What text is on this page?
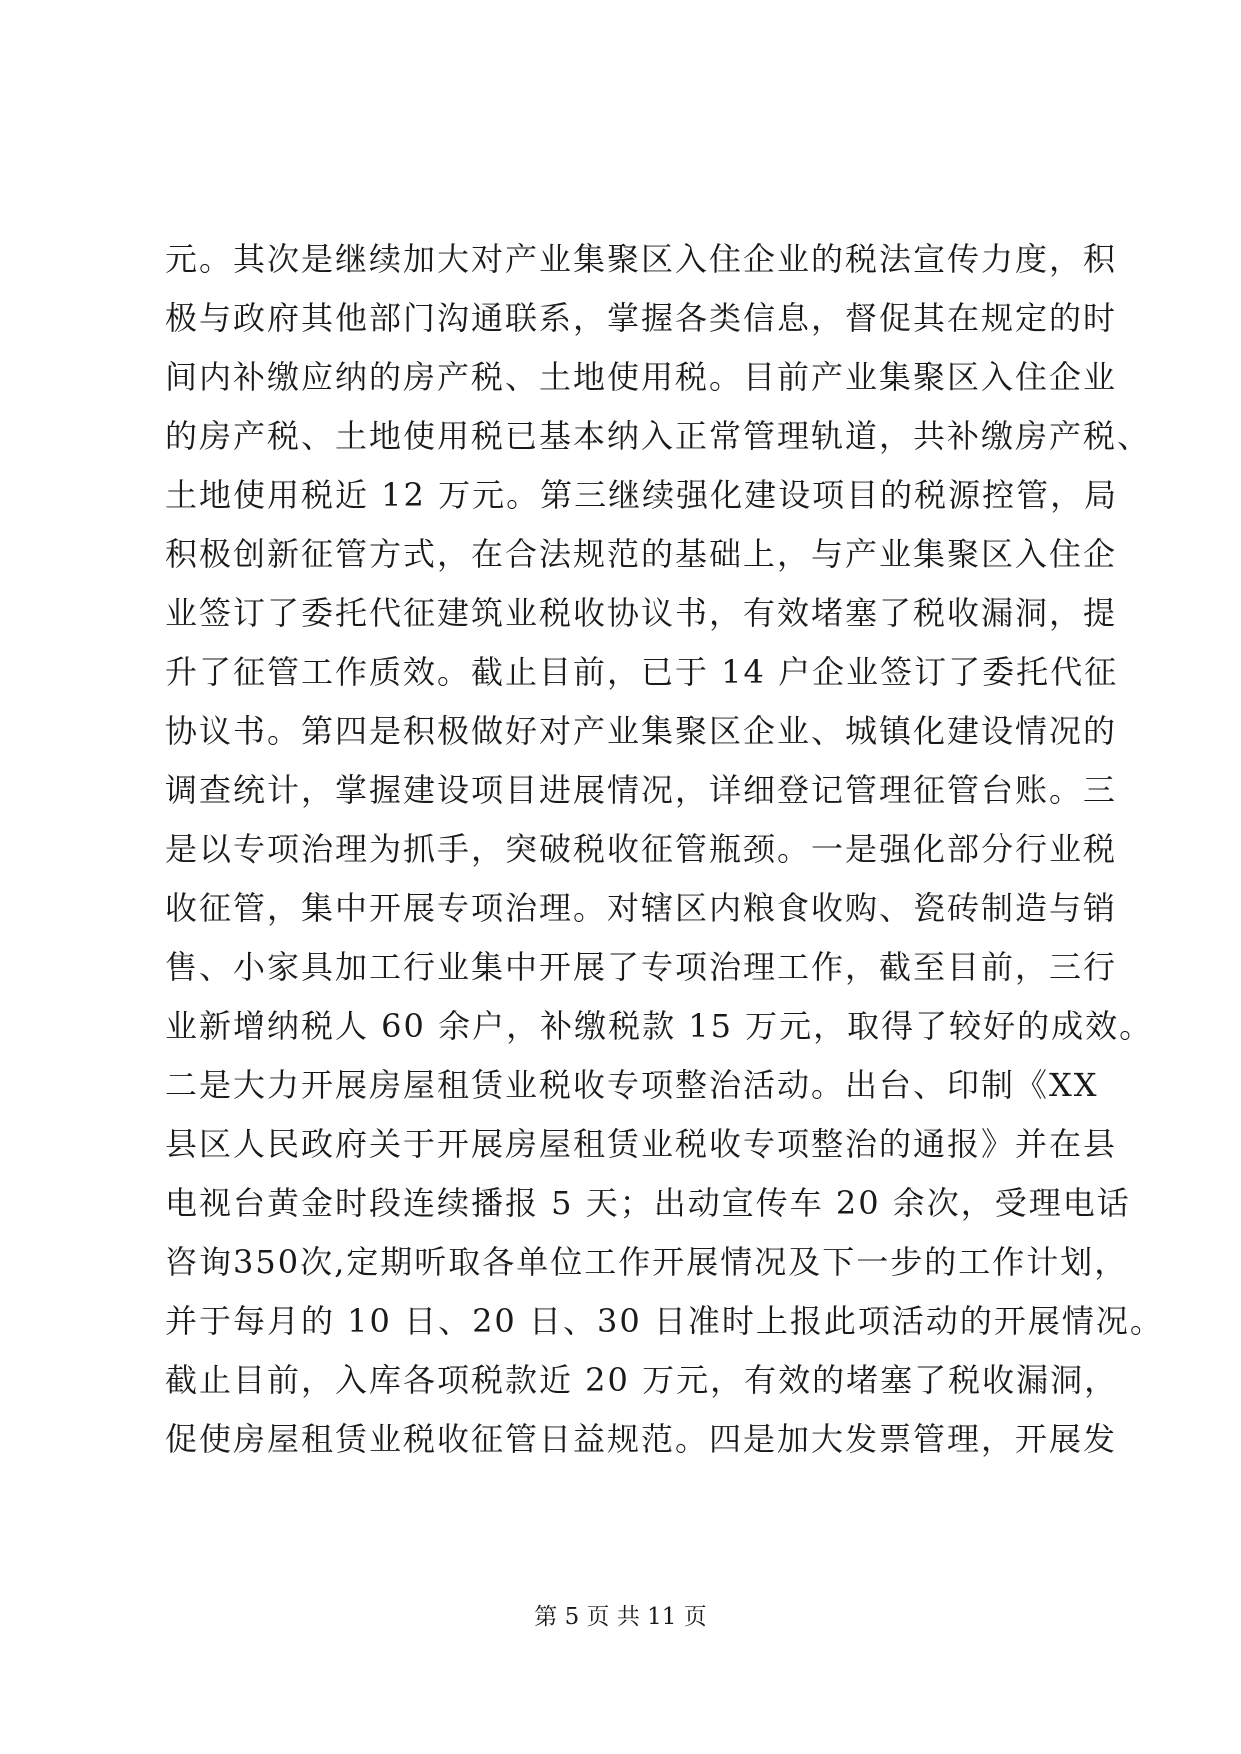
元。其次是继续加大对产业集聚区入住企业的税法宣传力度，积
极与政府其他部门沟通联系，掌握各类信息，督促其在规定的时
间内补缴应纳的房产税、土地使用税。目前产业集聚区入住企业
的房产税、土地使用税已基本纳入正常管理轨道，共补缴房产税、
土地使用税近 12 万元。第三继续强化建设项目的税源控管，局
积极创新征管方式，在合法规范的基础上，与产业集聚区入住企
业签订了委托代征建筑业税收协议书，有效堵塞了税收漏洞，提
升了征管工作质效。截止目前，已于 14 户企业签订了委托代征
协议书。第四是积极做好对产业集聚区企业、城镇化建设情况的
调查统计，掌握建设项目进展情况，详细登记管理征管台账。三
是以专项治理为抓手，突破税收征管瓶颈。一是强化部分行业税
收征管，集中开展专项治理。对辖区内粮食收购、瓷砖制造与销
售、小家具加工行业集中开展了专项治理工作，截至目前，三行
业新增纳税人 60 余户，补缴税款 15 万元，取得了较好的成效。
二是大力开展房屋租赁业税收专项整治活动。出台、印制《XX
县区人民政府关于开展房屋租赁业税收专项整治的通报》并在县
电视台黄金时段连续播报 5 天；出动宣传车 20 余次，受理电话
咨询350次,定期听取各单位工作开展情况及下一步的工作计划，
并于每月的 10 日、20 日、30 日准时上报此项活动的开展情况。
截止目前，入库各项税款近 20 万元，有效的堵塞了税收漏洞，
促使房屋租赁业税收征管日益规范。四是加大发票管理，开展发
第 5 页 共 11 页
